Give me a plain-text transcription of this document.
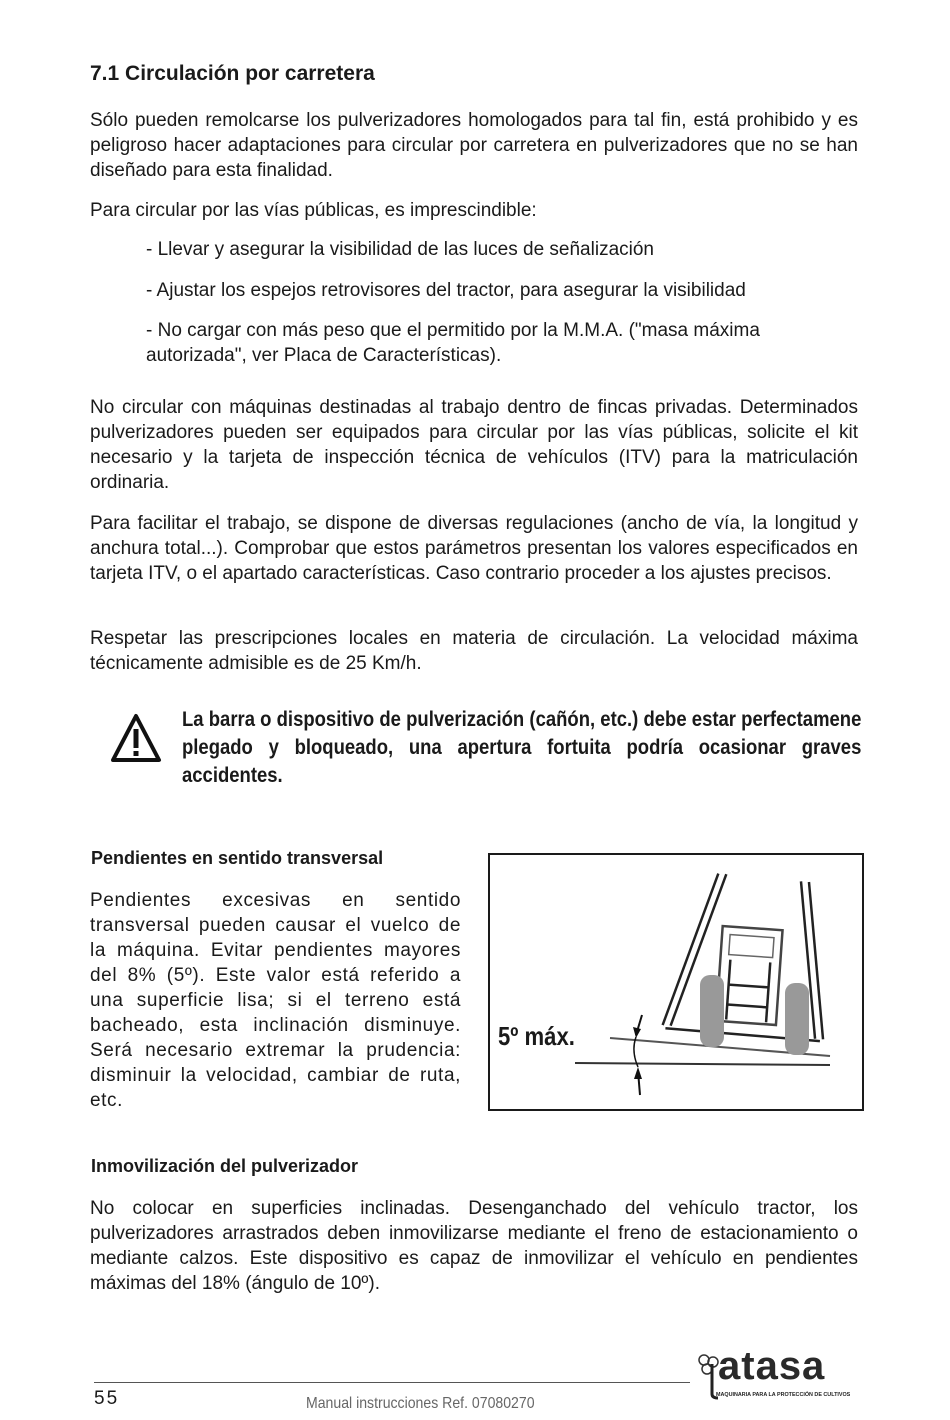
7.1 Circulación por carretera

Sólo pueden remolcarse los pulverizadores homologados para tal fin, está prohibido y es peligroso hacer adaptaciones para circular por carretera en pulverizadores que no se han diseñado para esta finalidad.

Para circular por las vías públicas, es imprescindible:

- Llevar y asegurar la visibilidad de las luces de señalización

- Ajustar los espejos retrovisores del tractor, para asegurar la visibilidad

- No cargar con más peso que el permitido por la M.M.A. ("masa máxima autorizada", ver Placa de Características).

No circular con máquinas destinadas al trabajo dentro de fincas privadas. Determinados pulverizadores pueden ser equipados para circular por las vías públicas, solicite el kit necesario y la tarjeta de inspección técnica de vehículos (ITV) para la matriculación ordinaria.

Para facilitar el trabajo, se dispone de diversas regulaciones (ancho de vía, la longitud y anchura total...). Comprobar que estos parámetros presentan los valores especificados en tarjeta ITV, o el apartado características. Caso contrario proceder a los ajustes precisos.

Respetar las prescripciones locales en materia de circulación. La velocidad máxima técnicamente admisible es de 25 Km/h.

La barra o dispositivo de pulverización (cañón, etc.) debe estar perfectamene plegado y bloqueado, una apertura fortuita podría ocasionar graves accidentes.

Pendientes en sentido transversal

Pendientes excesivas en sentido transversal pueden causar el vuelco de la máquina. Evitar pendientes mayores del 8% (5º). Este valor está referido a una superficie lisa; si el terreno está bacheado, esta inclinación disminuye. Será necesario extremar la prudencia: disminuir la velocidad, cambiar de ruta, etc.

5º máx.

Inmovilización del pulverizador

No colocar en superficies inclinadas. Desenganchado del vehículo tractor, los pulverizadores arrastrados deben inmovilizarse mediante el freno de estacionamiento o mediante calzos. Este dispositivo es capaz de inmovilizar el vehículo en pendientes máximas del 18% (ángulo de 10º).

55	Manual instrucciones Ref. 07080270
atasa
MAQUINARIA PARA LA PROTECCIÓN DE CULTIVOS
